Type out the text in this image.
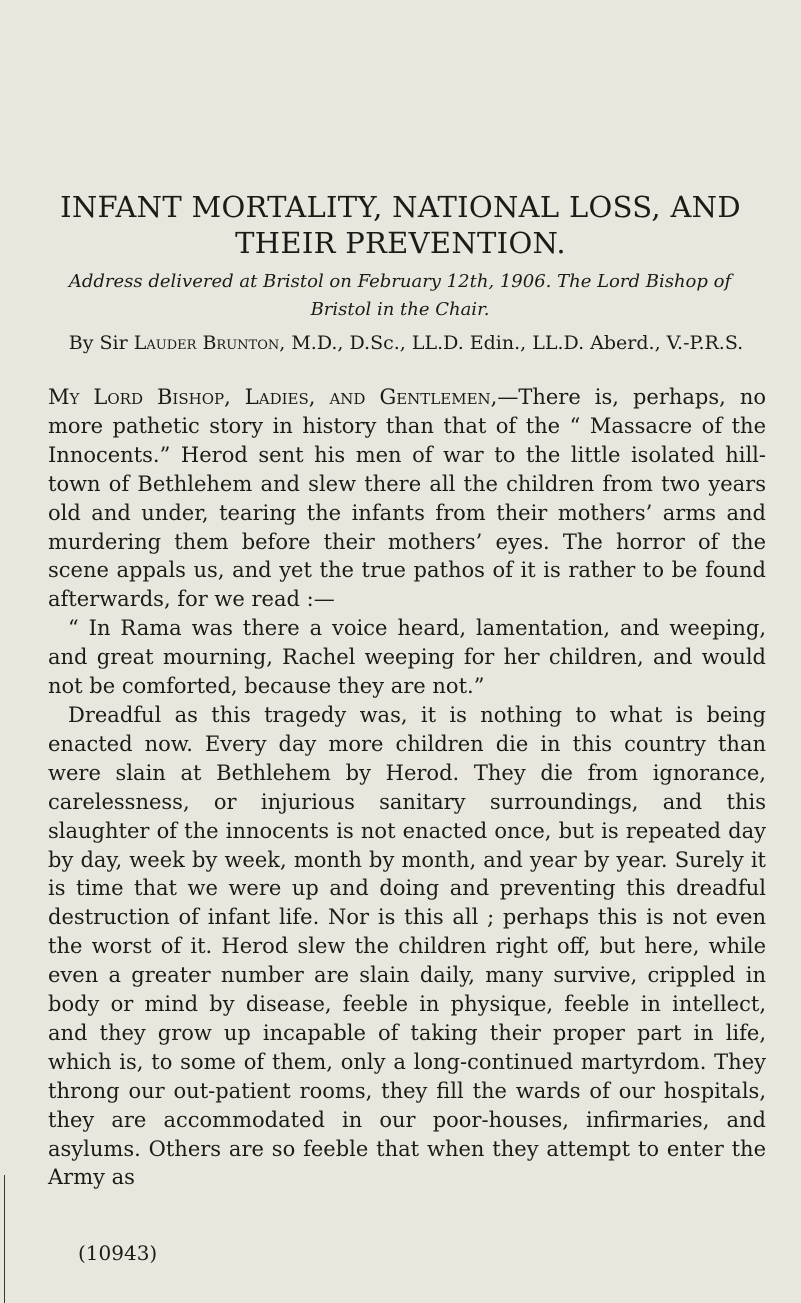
INFANT MORTALITY, NATIONAL LOSS, AND
THEIR PREVENTION.

Address delivered at Bristol on February 12th, 1906. The Lord Bishop of Bristol in the Chair.

By Sir Lauder Brunton, M.D., D.Sc., LL.D. Edin., LL.D. Aberd., V.-P.R.S.

My Lord Bishop, Ladies, and Gentlemen,—There is, perhaps, no more pathetic story in history than that of the “ Massacre of the Innocents.” Herod sent his men of war to the little isolated hill-town of Bethlehem and slew there all the children from two years old and under, tearing the infants from their mothers’ arms and murdering them before their mothers’ eyes. The horror of the scene appals us, and yet the true pathos of it is rather to be found afterwards, for we read :—

“ In Rama was there a voice heard, lamentation, and weeping, and great mourning, Rachel weeping for her children, and would not be comforted, because they are not.”

Dreadful as this tragedy was, it is nothing to what is being enacted now. Every day more children die in this country than were slain at Bethlehem by Herod. They die from ignorance, carelessness, or injurious sanitary surroundings, and this slaughter of the innocents is not enacted once, but is repeated day by day, week by week, month by month, and year by year. Surely it is time that we were up and doing and preventing this dreadful destruction of infant life. Nor is this all ; perhaps this is not even the worst of it. Herod slew the children right off, but here, while even a greater number are slain daily, many survive, crippled in body or mind by disease, feeble in physique, feeble in intellect, and they grow up incapable of taking their proper part in life, which is, to some of them, only a long-continued martyrdom. They throng our out-patient rooms, they fill the wards of our hospitals, they are accommodated in our poor-houses, infirmaries, and asylums. Others are so feeble that when they attempt to enter the Army as

(10943)
